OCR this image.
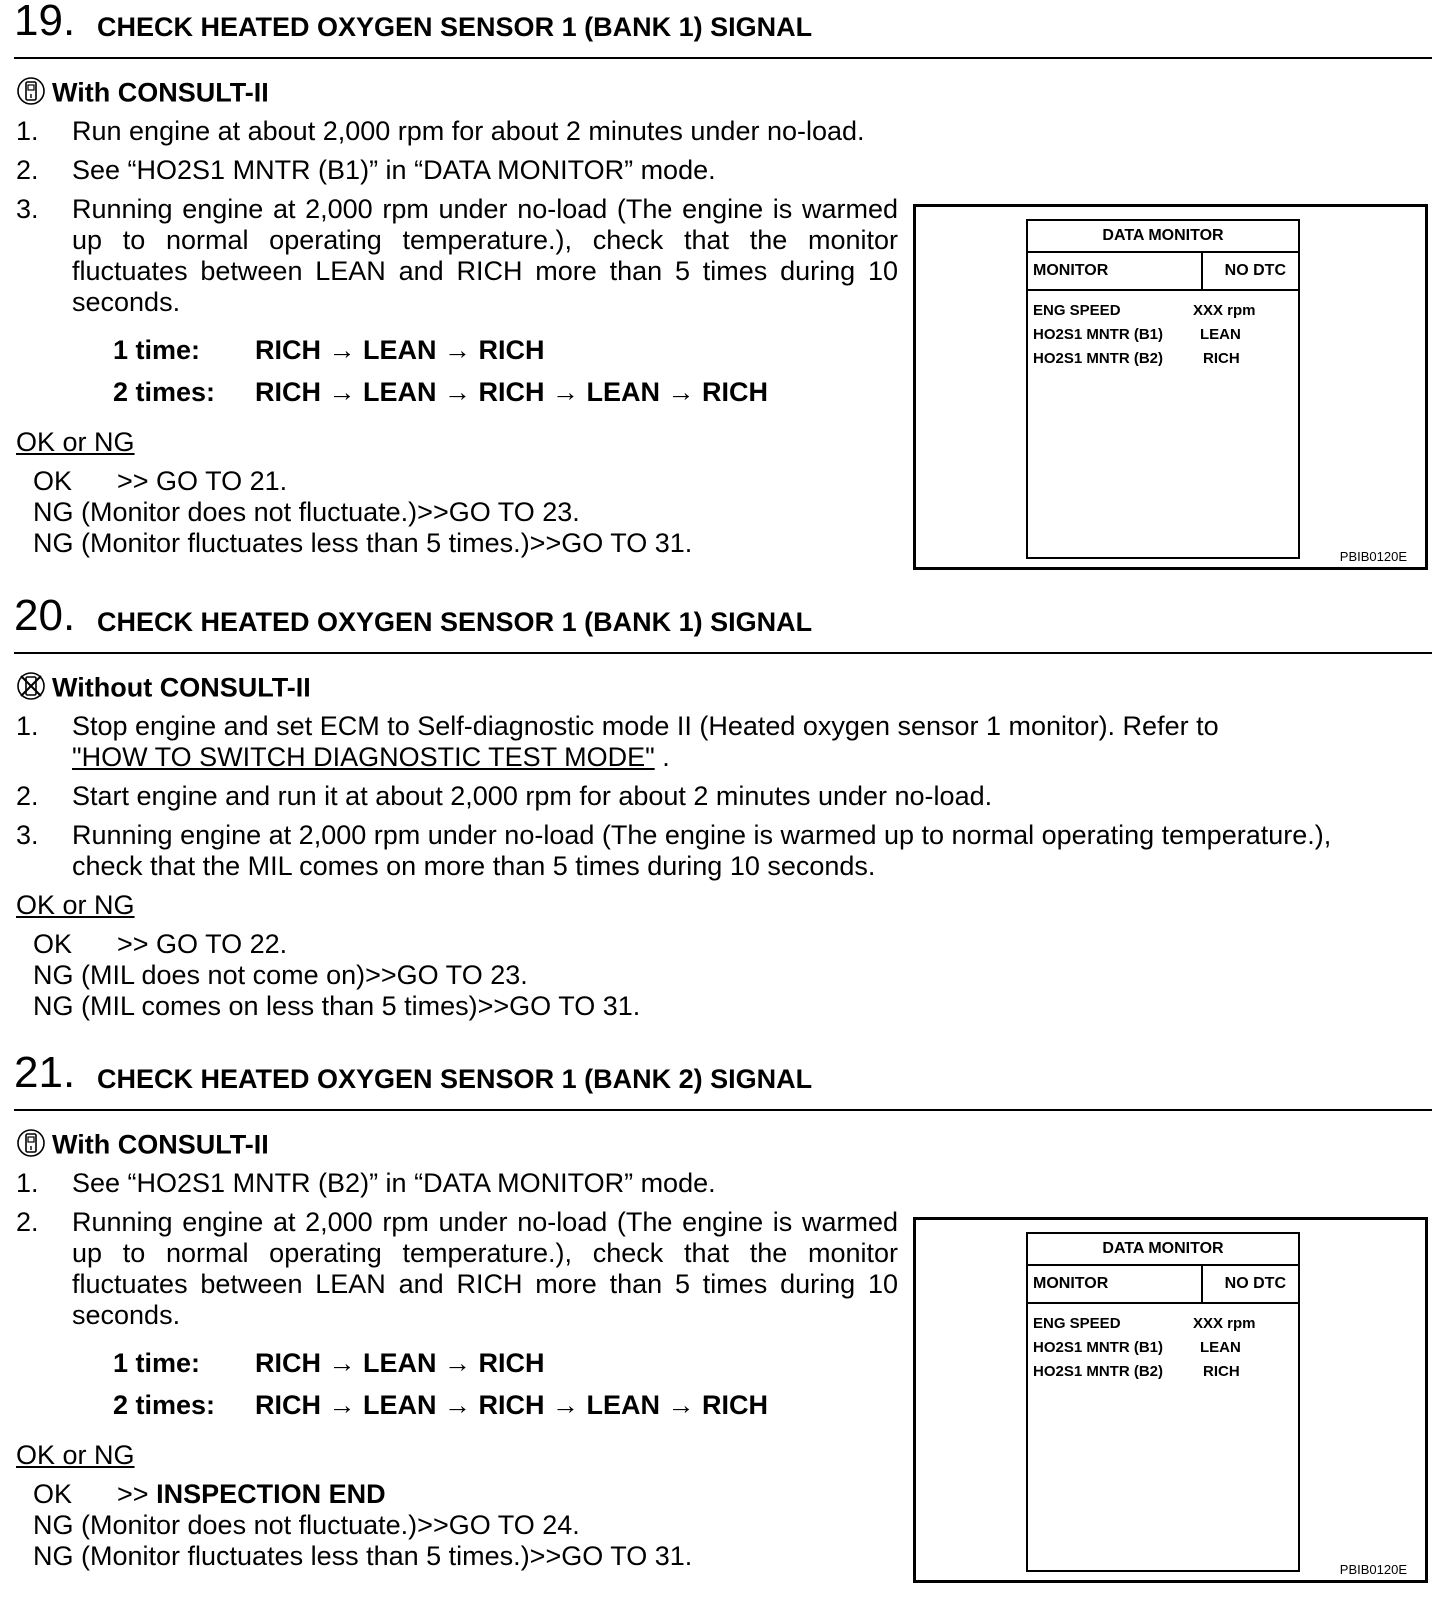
19. CHECK HEATED OXYGEN SENSOR 1 (BANK 1) SIGNAL
With CONSULT-II
1. Run engine at about 2,000 rpm for about 2 minutes under no-load.
2. See “HO2S1 MNTR (B1)” in “DATA MONITOR” mode.
3. Running engine at 2,000 rpm under no-load (The engine is warmed up to normal operating temperature.), check that the monitor fluctuates between LEAN and RICH more than 5 times during 10 seconds.
1 time: RICH → LEAN → RICH
2 times: RICH → LEAN → RICH → LEAN → RICH
OK or NG
OK      >> GO TO 21.
NG (Monitor does not fluctuate.)>>GO TO 23.
NG (Monitor fluctuates less than 5 times.)>>GO TO 31.
DATA MONITOR
MONITOR	NO DTC
ENG SPEED	XXX rpm
HO2S1 MNTR (B1) LEAN
HO2S1 MNTR (B2)	RICH
PBIB0120E
20. CHECK HEATED OXYGEN SENSOR 1 (BANK 1) SIGNAL
Without CONSULT-II
1. Stop engine and set ECM to Self-diagnostic mode II (Heated oxygen sensor 1 monitor). Refer to
"HOW TO SWITCH DIAGNOSTIC TEST MODE" .
2. Start engine and run it at about 2,000 rpm for about 2 minutes under no-load.
3. Running engine at 2,000 rpm under no-load (The engine is warmed up to normal operating temperature.),
check that the MIL comes on more than 5 times during 10 seconds.
OK or NG
OK      >> GO TO 22.
NG (MIL does not come on)>>GO TO 23.
NG (MIL comes on less than 5 times)>>GO TO 31.
21. CHECK HEATED OXYGEN SENSOR 1 (BANK 2) SIGNAL
With CONSULT-II
1. See “HO2S1 MNTR (B2)” in “DATA MONITOR” mode.
2. Running engine at 2,000 rpm under no-load (The engine is warmed up to normal operating temperature.), check that the monitor fluctuates between LEAN and RICH more than 5 times during 10 seconds.
1 time: RICH → LEAN → RICH
2 times: RICH → LEAN → RICH → LEAN → RICH
OK or NG
OK      >> INSPECTION END
NG (Monitor does not fluctuate.)>>GO TO 24.
NG (Monitor fluctuates less than 5 times.)>>GO TO 31.
DATA MONITOR
MONITOR	NO DTC
ENG SPEED	XXX rpm
HO2S1 MNTR (B1) LEAN
HO2S1 MNTR (B2)	RICH
PBIB0120E
